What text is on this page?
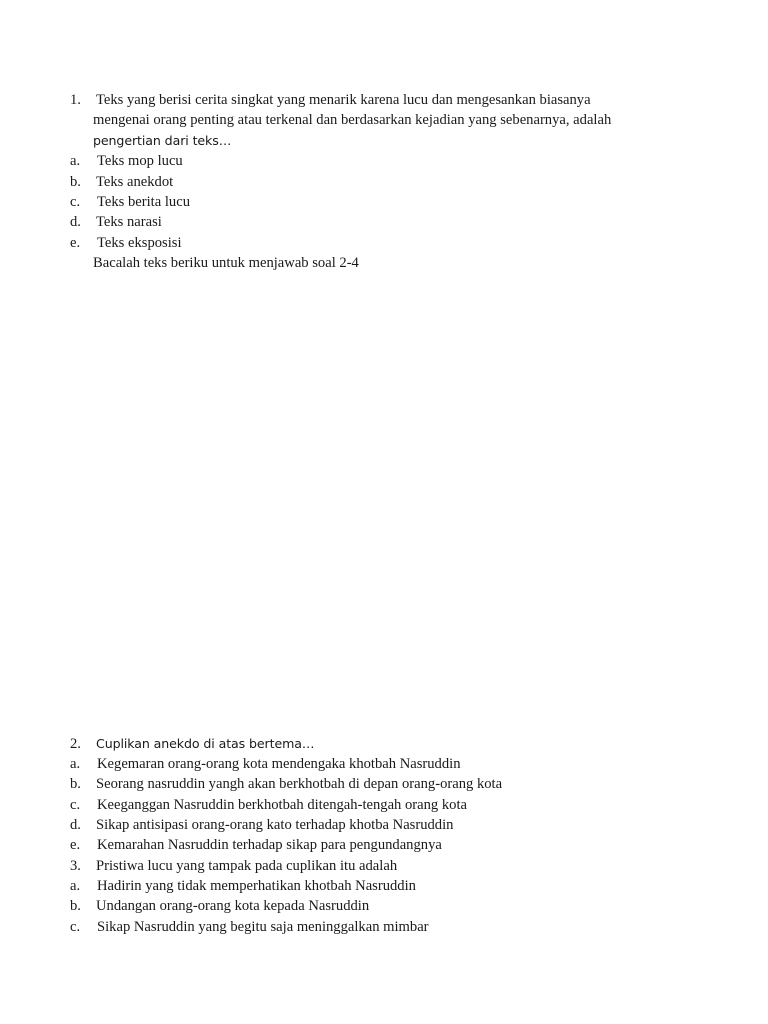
1. Teks yang berisi cerita singkat yang menarik karena lucu dan mengesankan biasanya
mengenai orang penting atau terkenal dan berdasarkan kejadian yang sebenarnya, adalah
pengertian dari teks…
a. Teks mop lucu
b. Teks anekdot
c. Teks berita lucu
d. Teks narasi
e. Teks eksposisi
Bacalah teks beriku untuk menjawab soal 2-4
2. Cuplikan anekdo di atas bertema…
a. Kegemaran orang-orang kota mendengaka khotbah Nasruddin
b. Seorang nasruddin yangh akan berkhotbah di depan orang-orang kota
c. Keeganggan Nasruddin berkhotbah ditengah-tengah orang kota
d. Sikap antisipasi orang-orang kato terhadap khotba Nasruddin
e. Kemarahan Nasruddin terhadap sikap para pengundangnya
3. Pristiwa lucu yang tampak pada cuplikan itu adalah
a. Hadirin yang tidak memperhatikan khotbah Nasruddin
b. Undangan orang-orang kota kepada Nasruddin
c. Sikap Nasruddin yang begitu saja meninggalkan mimbar
